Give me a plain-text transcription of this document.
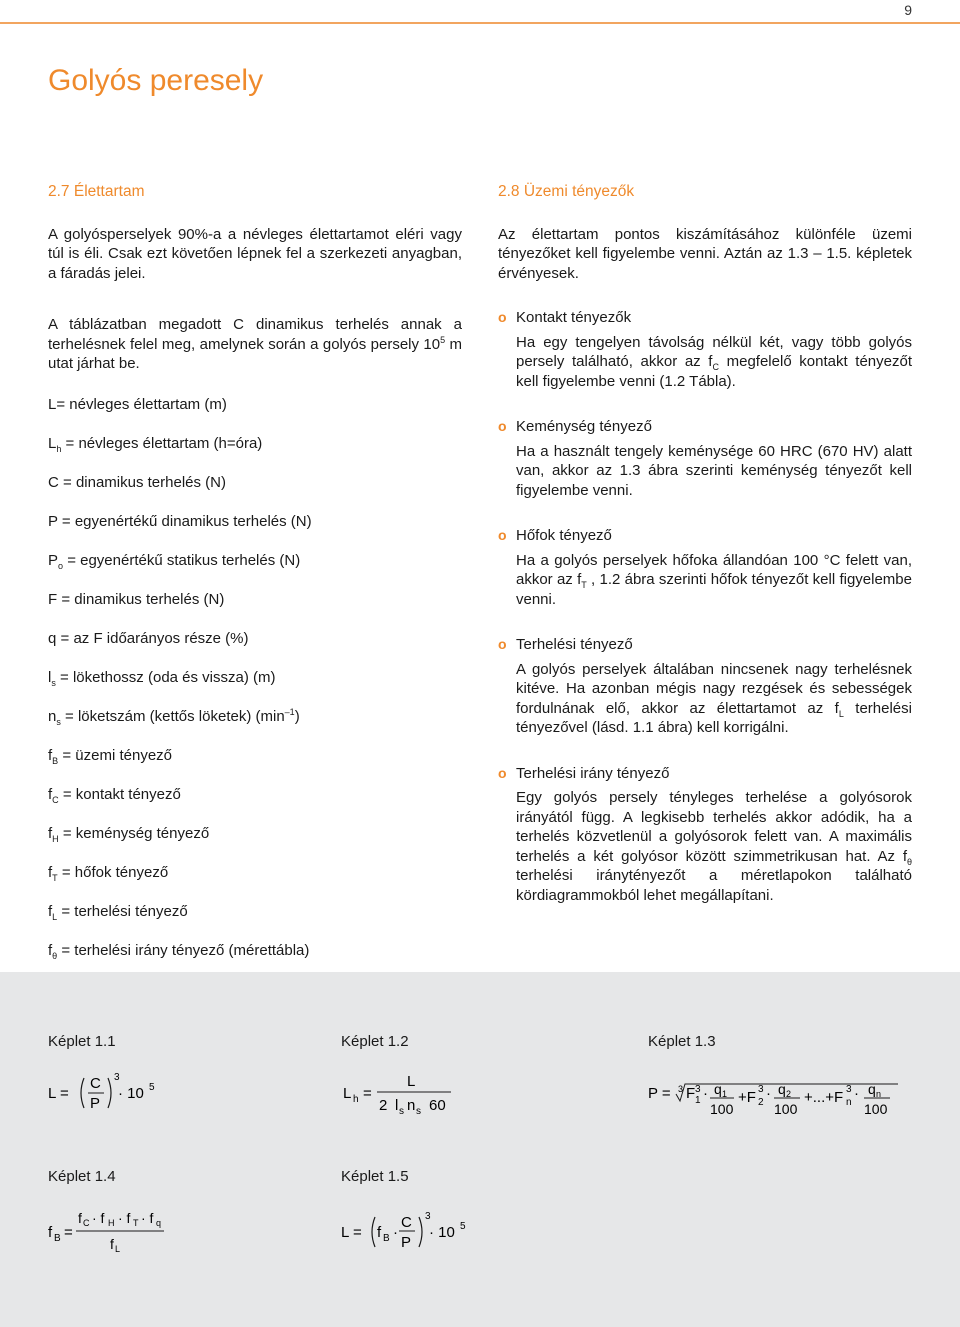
9
Golyós peresely
2.7 Élettartam

A golyósperselyek 90%-a a névleges élettartamot eléri vagy túl is éli. Csak ezt követően lépnek fel a szerkezeti anyagban, a fáradás jelei.

A táblázatban megadott C dinamikus terhelés annak a terhelésnek felel meg, amelynek során a golyós persely $10^5$ m utat járhat be.

L= névleges élettartam (m)

$L_h$ = névleges élettartam (h=óra)

C = dinamikus terhelés (N)

P = egyenértékű dinamikus terhelés (N)

$P_o$ = egyenértékű statikus terhelés (N)

F = dinamikus terhelés (N)

q = az F időarányos része (%)

$l_s$ = lökethossz (oda és vissza) (m)

$n_s$ = löketszám (kettős löketek) $(\min^{-1})$

$f_B$ = üzemi tényező

$f_C$ = kontakt tényező

$f_H$ = keménység tényező

$f_T$ = hőfok tényező

$f_L$ = terhelési tényező

$f_\theta$ = terhelési irány tényező (mérettábla)

2.8 Üzemi tényezők

Az élettartam pontos kiszámításához különféle üzemi tényezőket kell figyelembe venni. Aztán az 1.3 – 1.5. képletek érvényesek.

o Kontakt tényezők

Ha egy tengelyen távolság nélkül két, vagy több golyós persely található, akkor az $f_C$ megfelelő kontakt tényezőt kell figyelembe venni (1.2 Tábla).

o Keménység tényező

Ha a használt tengely keménysége 60 HRC (670 HV) alatt van, akkor az 1.3 ábra szerinti keménység tényezőt kell figyelembe venni.

o Hőfok tényező

Ha a golyós perselyek hőfoka állandóan 100 °C felett van, akkor az $f_T$ , 1.2 ábra szerinti hőfok tényezőt kell figyelembe venni.

o Terhelési tényező

A golyós perselyek általában nincsenek nagy terhelésnek kitéve. Ha azonban mégis nagy rezgések és sebességek fordulnának elő, akkor az élettartamot az $f_L$ terhelési tényezővel (lásd. 1.1 ábra) kell korrigálni.

o Terhelési irány tényező

Egy golyós persely tényleges terhelése a golyósorok irányától függ. A legkisebb terhelés akkor adódik, ha a terhelés közvetlenül a golyósorok felett van. A maximális terhelés a két golyósor között szimmetrikusan hat. Az $f_\theta$ terhelési iránytényezőt a méretlapokon található kördiagrammokból lehet megállapítani.

Képlet 1.1
L =
C
P
3
· 10 5
Képlet 1.2
L h =
L
2 l s n s 60
Képlet 1.3
P = 3 F 3
1 · q 1
100
+F 3
2
· q 2
100
+...+F 3
n
· q n
100
Képlet 1.4
f B =
f C · f H · f T · f q
f L
Képlet 1.5
L = f B ·
C
P
3
· 10 5
